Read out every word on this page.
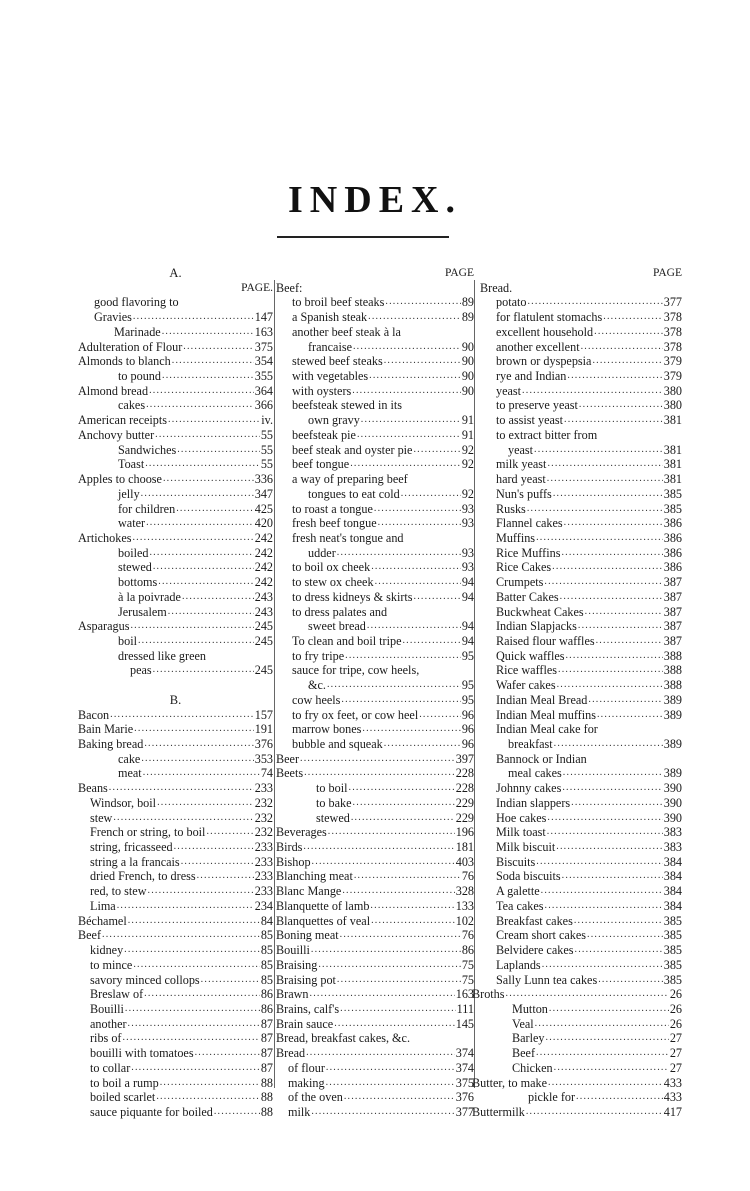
INDEX.
A.
PAGE.
good flavoring to
Gravies .....	147
Marinade .....	163
Adulteration of Flour .....	375
Almonds to blanch .....	354
to pound .....	355
Almond bread .....	364
cakes .....	366
American receipts .....	iv.
Anchovy butter .....	55
Sandwiches .....	55
Toast .....	55
Apples to choose .....	336
jelly .....	347
for children .....	425
water .....	420
Artichokes .....	242
boiled .....	242
stewed .....	242
bottoms .....	242
à la poivrade .....	243
Jerusalem .....	243
Asparagus .....	245
boil .....	245
dressed like green
peas .....	245
B.
Bacon .....	157
Bain Marie .....	191
Baking bread .....	376
cake .....	353
meat .....	74
Beans .....	233
Windsor, boil .....	232
stew .....	232
French or string, to boil .....	232
string, fricasseed .....	233
string a la francais .....	233
dried French, to dress .....	233
red, to stew .....	233
Lima .....	234
Béchamel .....	84
Beef .....	85
kidney .....	85
to mince .....	85
savory minced collops .....	85
Breslaw of .....	86
Bouilli .....	86
another .....	87
ribs of .....	87
bouilli with tomatoes .....	87
to collar .....	87
to boil a rump .....	88
boiled scarlet .....	88
sauce piquante for boiled .....	88
PAGE
Beef:
to broil beef steaks .....	89
a Spanish steak .....	89
another beef steak à la
francaise .....	90
stewed beef steaks .....	90
with vegetables .....	90
with oysters .....	90
beefsteak stewed in its
own gravy .....	91
beefsteak pie .....	91
beef steak and oyster pie .....	92
beef tongue .....	92
a way of preparing beef
tongues to eat cold .....	92
to roast a tongue .....	93
fresh beef tongue .....	93
fresh neat's tongue and
udder .....	93
to boil ox cheek .....	93
to stew ox cheek .....	94
to dress kidneys & skirts .....	94
to dress palates and
sweet bread .....	94
To clean and boil tripe .....	94
to fry tripe .....	95
sauce for tripe, cow heels,
&c. .....	95
cow heels .....	95
to fry ox feet, or cow heel .....	96
marrow bones .....	96
bubble and squeak .....	96
Beer .....	397
Beets .....	228
to boil .....	228
to bake .....	229
stewed .....	229
Beverages .....	196
Birds .....	181
Bishop .....	403
Blanching meat .....	76
Blanc Mange .....	328
Blanquette of lamb .....	133
Blanquettes of veal .....	102
Boning meat .....	76
Bouilli .....	86
Braising .....	75
Braising pot .....	75
Brawn .....	163
Brains, calf's .....	111
Brain sauce .....	145
Bread, breakfast cakes, &c.
Bread .....	374
of flour .....	374
making .....	375
of the oven .....	376
milk .....	377
PAGE
Bread.
potato .....	377
for flatulent stomachs .....	378
excellent household .....	378
another excellent .....	378
brown or dyspepsia .....	379
rye and Indian .....	379
yeast .....	380
to preserve yeast .....	380
to assist yeast .....	381
to extract bitter from
yeast .....	381
milk yeast .....	381
hard yeast .....	381
Nun's puffs .....	385
Rusks .....	385
Flannel cakes .....	386
Muffins .....	386
Rice Muffins .....	386
Rice Cakes .....	386
Crumpets .....	387
Batter Cakes .....	387
Buckwheat Cakes .....	387
Indian Slapjacks .....	387
Raised flour waffles .....	387
Quick waffles .....	388
Rice waffles .....	388
Wafer cakes .....	388
Indian Meal Bread .....	389
Indian Meal muffins .....	389
Indian Meal cake for
breakfast .....	389
Bannock or Indian
meal cakes .....	389
Johnny cakes .....	390
Indian slappers .....	390
Hoe cakes .....	390
Milk toast .....	383
Milk biscuit .....	383
Biscuits .....	384
Soda biscuits .....	384
A galette .....	384
Tea cakes .....	384
Breakfast cakes .....	385
Cream short cakes .....	385
Belvidere cakes .....	385
Laplands .....	385
Sally Lunn tea cakes .....	385
Broths .....	26
Mutton .....	26
Veal .....	26
Barley .....	27
Beef .....	27
Chicken .....	27
Butter, to make .....	433
pickle for .....	433
Buttermilk .....	417
